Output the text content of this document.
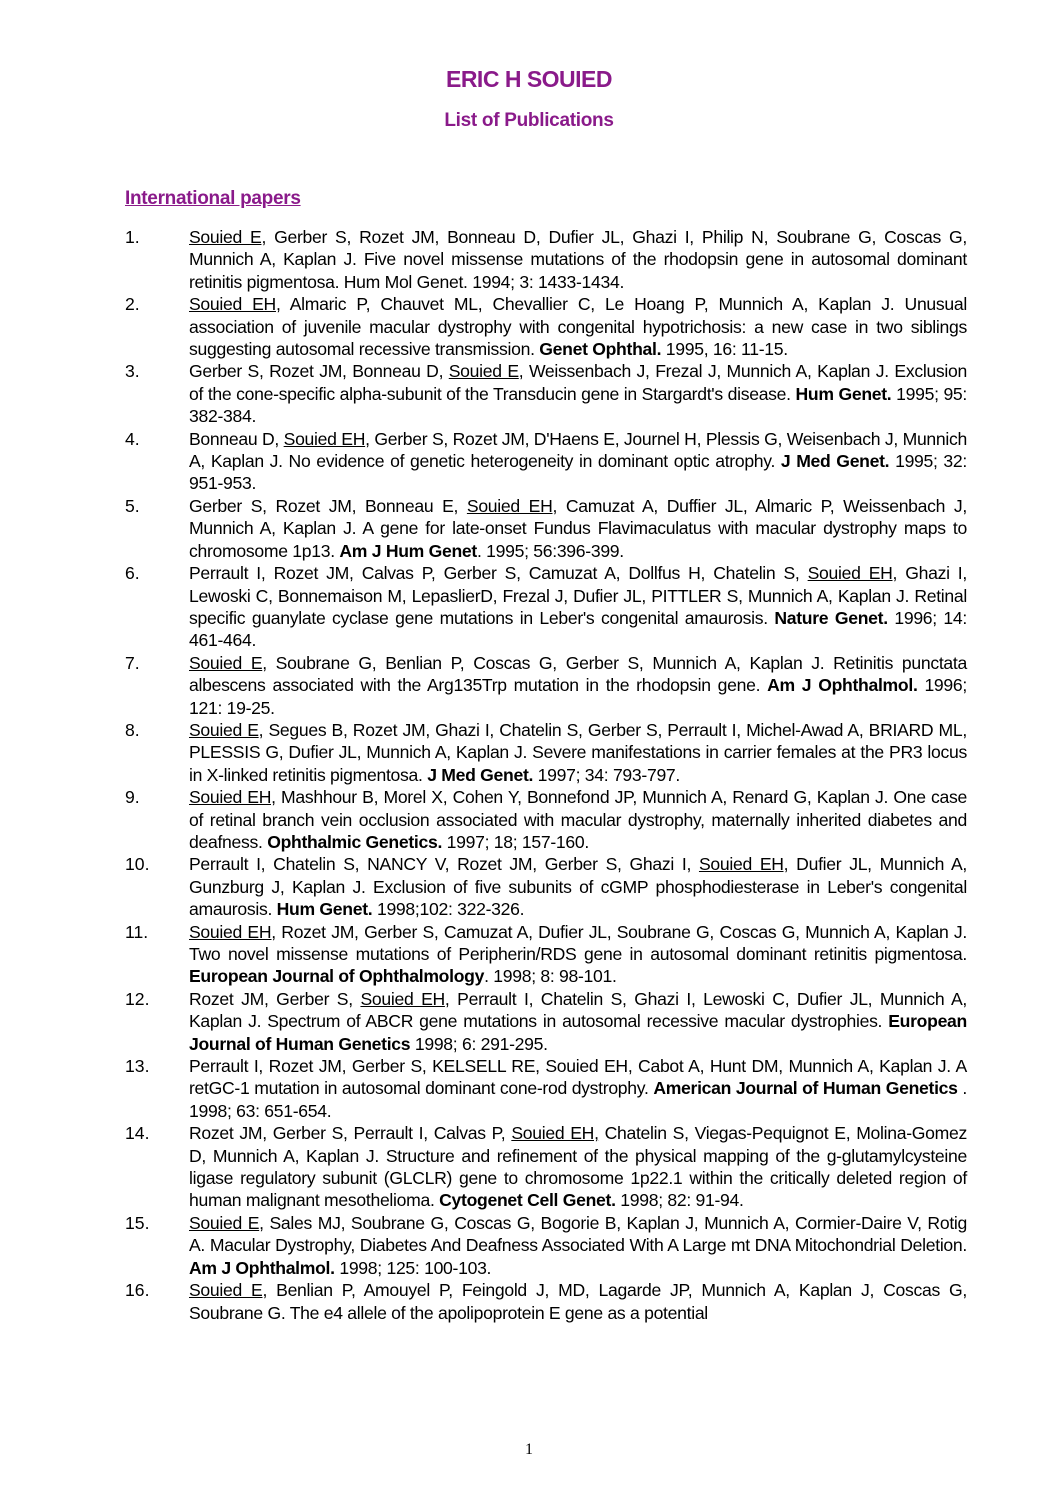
ERIC H SOUIED
List of Publications
International papers
1.	Souied E, Gerber S, Rozet JM, Bonneau D, Dufier JL, Ghazi I, Philip N, Soubrane G, Coscas G, Munnich A, Kaplan J. Five novel missense mutations of the rhodopsin gene in autosomal dominant retinitis pigmentosa. Hum Mol Genet. 1994; 3: 1433-1434.

2.	Souied EH, Almaric P, Chauvet ML, Chevallier C, Le Hoang P, Munnich A, Kaplan J. Unusual association of juvenile macular dystrophy with congenital hypotrichosis: a new case in two siblings suggesting autosomal recessive transmission. Genet Ophthal. 1995, 16: 11-15.

3.	Gerber S, Rozet JM, Bonneau D, Souied E, Weissenbach J, Frezal J, Munnich A, Kaplan J. Exclusion of the cone-specific alpha-subunit of the Transducin gene in Stargardt's disease. Hum Genet. 1995; 95: 382-384.

4.	Bonneau D, Souied EH, Gerber S, Rozet JM, D'Haens E, Journel H, Plessis G, Weisenbach J, Munnich A, Kaplan J. No evidence of genetic heterogeneity in dominant optic atrophy. J Med Genet. 1995; 32: 951-953.

5.	Gerber S, Rozet JM, Bonneau E, Souied EH, Camuzat A, Duffier JL, Almaric P, Weissenbach J, Munnich A, Kaplan J. A gene for late-onset Fundus Flavimaculatus with macular dystrophy maps to chromosome 1p13. Am J Hum Genet. 1995; 56:396-399.

6.	Perrault I, Rozet JM, Calvas P, Gerber S, Camuzat A, Dollfus H, Chatelin S, Souied EH, Ghazi I, Lewoski C, Bonnemaison M, LepaslierD, Frezal J, Dufier JL, PITTLER S, Munnich A, Kaplan J. Retinal specific guanylate cyclase gene mutations in Leber's congenital amaurosis. Nature Genet. 1996; 14: 461-464.

7.	Souied E, Soubrane G, Benlian P, Coscas G, Gerber S, Munnich A, Kaplan J. Retinitis punctata albescens associated with the Arg135Trp mutation in the rhodopsin gene. Am J Ophthalmol. 1996; 121: 19-25.

8.	Souied E, Segues B, Rozet JM, Ghazi I, Chatelin S, Gerber S, Perrault I, Michel-Awad A, BRIARD ML, PLESSIS G, Dufier JL, Munnich A, Kaplan J. Severe manifestations in carrier females at the PR3 locus in X-linked retinitis pigmentosa. J Med Genet. 1997; 34: 793-797.

9.	Souied EH, Mashhour B, Morel X, Cohen Y, Bonnefond JP, Munnich A, Renard G, Kaplan J. One case of retinal branch vein occlusion associated with macular dystrophy, maternally inherited diabetes and deafness. Ophthalmic Genetics. 1997; 18; 157-160.

10. Perrault I, Chatelin S, NANCY V, Rozet JM, Gerber S, Ghazi I, Souied EH, Dufier JL, Munnich A, Gunzburg J, Kaplan J. Exclusion of five subunits of cGMP phosphodiesterase in Leber's congenital amaurosis. Hum Genet. 1998;102: 322-326.

11. Souied EH, Rozet JM, Gerber S, Camuzat A, Dufier JL, Soubrane G, Coscas G, Munnich A, Kaplan J. Two novel missense mutations of Peripherin/RDS gene in autosomal dominant retinitis pigmentosa. European Journal of Ophthalmology. 1998; 8: 98-101.

12. Rozet JM, Gerber S, Souied EH, Perrault I, Chatelin S, Ghazi I, Lewoski C, Dufier JL, Munnich A, Kaplan J. Spectrum of ABCR gene mutations in autosomal recessive macular dystrophies. European Journal of Human Genetics 1998; 6: 291-295.

13. Perrault I, Rozet JM, Gerber S, KELSELL RE, Souied EH, Cabot A, Hunt DM, Munnich A, Kaplan J. A retGC-1 mutation in autosomal dominant cone-rod dystrophy. American Journal of Human Genetics . 1998; 63: 651-654.

14. Rozet JM, Gerber S, Perrault I, Calvas P, Souied EH, Chatelin S, Viegas-Pequignot E, Molina-Gomez D, Munnich A, Kaplan J. Structure and refinement of the physical mapping of the g-glutamylcysteine ligase regulatory subunit (GLCLR) gene to chromosome 1p22.1 within the critically deleted region of human malignant mesothelioma. Cytogenet Cell Genet. 1998; 82: 91-94.

15. Souied E, Sales MJ, Soubrane G, Coscas G, Bogorie B, Kaplan J, Munnich A, Cormier-Daire V, Rotig A. Macular Dystrophy, Diabetes And Deafness Associated With A Large mt DNA Mitochondrial Deletion. Am J Ophthalmol. 1998; 125: 100-103.

16. Souied E, Benlian P, Amouyel P, Feingold J, MD, Lagarde JP, Munnich A, Kaplan J, Coscas G, Soubrane G. The e4 allele of the apolipoprotein E gene as a potential

1
